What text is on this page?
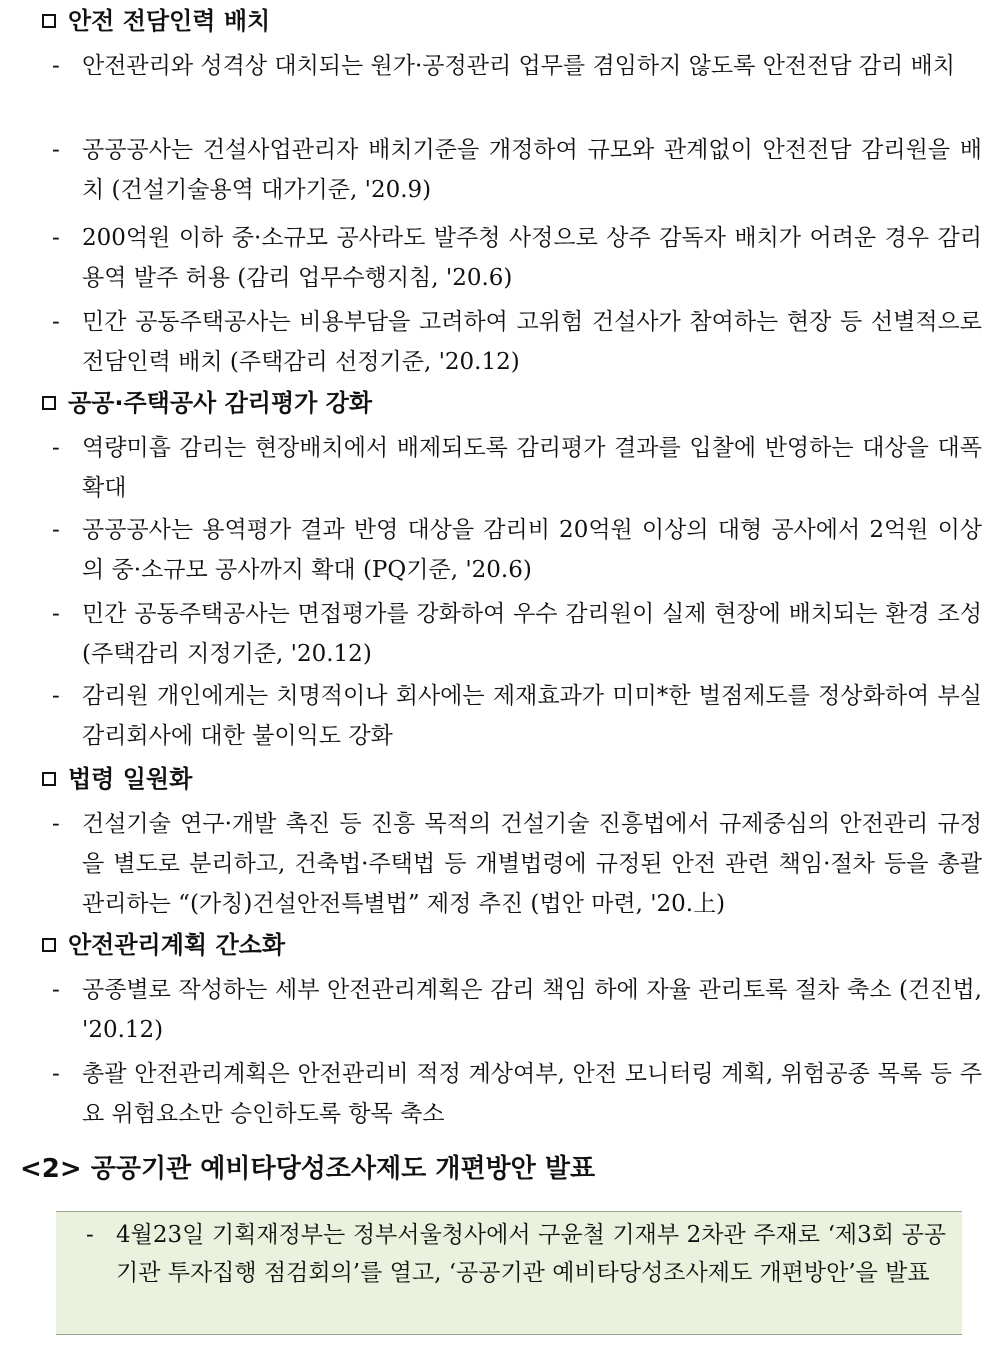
안전 전담인력 배치
- 안전관리와 성격상 대치되는 원가·공정관리 업무를 겸임하지 않도록 안전전담 감리 배치
- 공공공사는 건설사업관리자 배치기준을 개정하여 규모와 관계없이 안전전담 감리원을 배치 (건설기술용역 대가기준, '20.9)
- 200억원 이하 중·소규모 공사라도 발주청 사정으로 상주 감독자 배치가 어려운 경우 감리용역 발주 허용 (감리 업무수행지침, '20.6)
- 민간 공동주택공사는 비용부담을 고려하여 고위험 건설사가 참여하는 현장 등 선별적으로 전담인력 배치 (주택감리 선정기준, '20.12)
공공·주택공사 감리평가 강화
- 역량미흡 감리는 현장배치에서 배제되도록 감리평가 결과를 입찰에 반영하는 대상을 대폭 확대
- 공공공사는 용역평가 결과 반영 대상을 감리비 20억원 이상의 대형 공사에서 2억원 이상의 중·소규모 공사까지 확대 (PQ기준, '20.6)
- 민간 공동주택공사는 면접평가를 강화하여 우수 감리원이 실제 현장에 배치되는 환경 조성 (주택감리 지정기준, '20.12)
- 감리원 개인에게는 치명적이나 회사에는 제재효과가 미미*한 벌점제도를 정상화하여 부실 감리회사에 대한 불이익도 강화
법령 일원화
- 건설기술 연구·개발 촉진 등 진흥 목적의 건설기술 진흥법에서 규제중심의 안전관리 규정을 별도로 분리하고, 건축법·주택법 등 개별법령에 규정된 안전 관련 책임·절차 등을 총괄 관리하는 “(가칭)건설안전특별법” 제정 추진 (법안 마련, '20.上)
안전관리계획 간소화
- 공종별로 작성하는 세부 안전관리계획은 감리 책임 하에 자율 관리토록 절차 축소 (건진법, '20.12)
- 총괄 안전관리계획은 안전관리비 적정 계상여부, 안전 모니터링 계획, 위험공종 목록 등 주요 위험요소만 승인하도록 항목 축소
<2> 공공기관 예비타당성조사제도 개편방안 발표
- 4월23일 기획재정부는 정부서울청사에서 구윤철 기재부 2차관 주재로 ‘제3회 공공기관 투자집행 점검회의’를 열고, ‘공공기관 예비타당성조사제도 개편방안’을 발표
